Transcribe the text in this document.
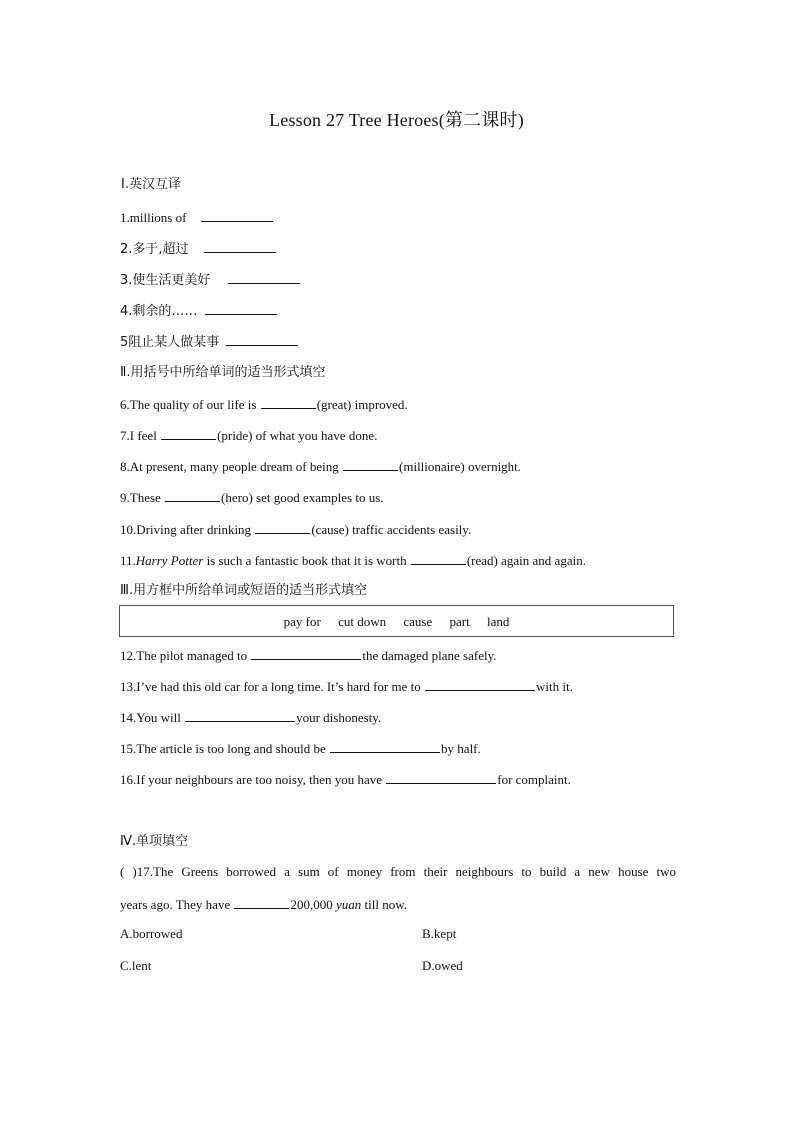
Lesson 27 Tree Heroes(第二课时)
Ⅰ.英汉互译
1.millions of
2.多于,超过
3.使生活更美好
4.剩余的……
5阻止某人做某事
Ⅱ.用括号中所给单词的适当形式填空
6.The quality of our life is	(great) improved.
7.I feel	(pride) of what you have done.
8.At present, many people dream of being	(millionaire) overnight.
9.These	(hero) set good examples to us.
10.Driving after drinking	(cause) traffic accidents easily.
11.Harry Potter is such a fantastic book that it is worth	(read) again and again.
Ⅲ.用方框中所给单词或短语的适当形式填空
pay for cut down cause part land
12.The pilot managed to	the damaged plane safely.
13.I’ve had this old car for a long time. It’s hard for me to	with it.
14.You will	your dishonesty.
15.The article is too long and should be	by half.
16.If your neighbours are too noisy, then you have	for complaint.
Ⅳ.单项填空
( )17.The Greens borrowed a sum of money from their neighbours to build a new house two
years ago. They have	200,000 yuan till now.
A.borrowed	B.kept
C.lent	D.owed
